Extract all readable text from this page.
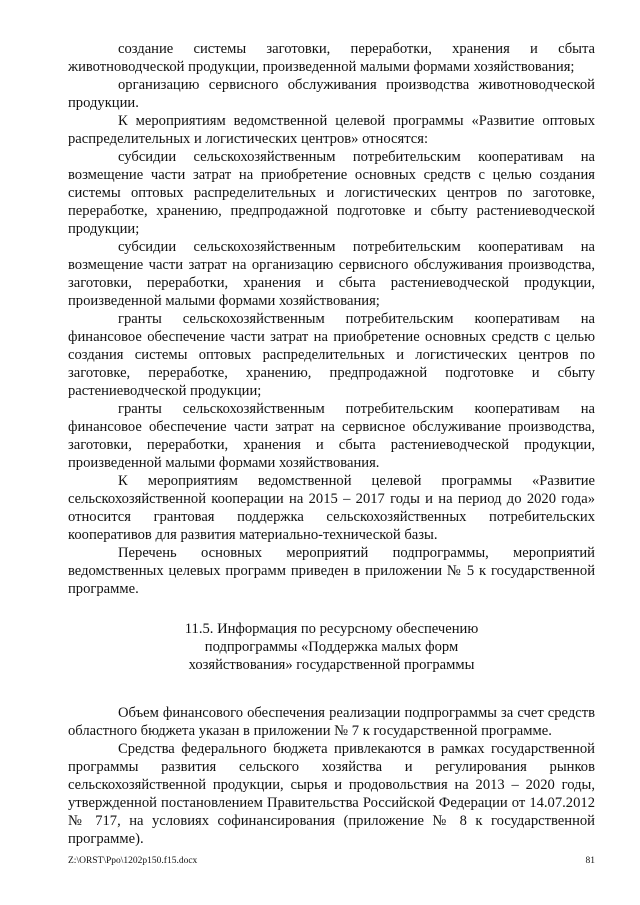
создание системы заготовки, переработки, хранения и сбыта животноводческой продукции, произведенной малыми формами хозяйствования;

организацию сервисного обслуживания производства животноводческой продукции.

К мероприятиям ведомственной целевой программы «Развитие оптовых распределительных и логистических центров» относятся:

субсидии сельскохозяйственным потребительским кооперативам на возмещение части затрат на приобретение основных средств с целью создания системы оптовых распределительных и логистических центров по заготовке, переработке, хранению, предпродажной подготовке и сбыту растениеводческой продукции;

субсидии сельскохозяйственным потребительским кооперативам на возмещение части затрат на организацию сервисного обслуживания производства, заготовки, переработки, хранения и сбыта растениеводческой продукции, произведенной малыми формами хозяйствования;

гранты сельскохозяйственным потребительским кооперативам на финансовое обеспечение части затрат на приобретение основных средств с целью создания системы оптовых распределительных и логистических центров по заготовке, переработке, хранению, предпродажной подготовке и сбыту растениеводческой продукции;

гранты сельскохозяйственным потребительским кооперативам на финансовое обеспечение части затрат на сервисное обслуживание производства, заготовки, переработки, хранения и сбыта растениеводческой продукции, произведенной малыми формами хозяйствования.

К мероприятиям ведомственной целевой программы «Развитие сельскохозяйственной кооперации на 2015 – 2017 годы и на период до 2020 года» относится грантовая поддержка сельскохозяйственных потребительских кооперативов для развития материально-технической базы.

Перечень основных мероприятий подпрограммы, мероприятий ведомственных целевых программ приведен в приложении № 5 к государственной программе.

11.5. Информация по ресурсному обеспечению
подпрограммы «Поддержка малых форм
хозяйствования» государственной программы

Объем финансового обеспечения реализации подпрограммы за счет средств областного бюджета указан в приложении № 7 к государственной программе.

Средства федерального бюджета привлекаются в рамках государственной программы развития сельского хозяйства и регулирования рынков сельскохозяйственной продукции, сырья и продовольствия на 2013 – 2020 годы, утвержденной постановлением Правительства Российской Федерации от 14.07.2012 № 717, на условиях софинансирования (приложение № 8 к государственной программе).

Z:\ORST\Ppo\1202p150.f15.docx	81
